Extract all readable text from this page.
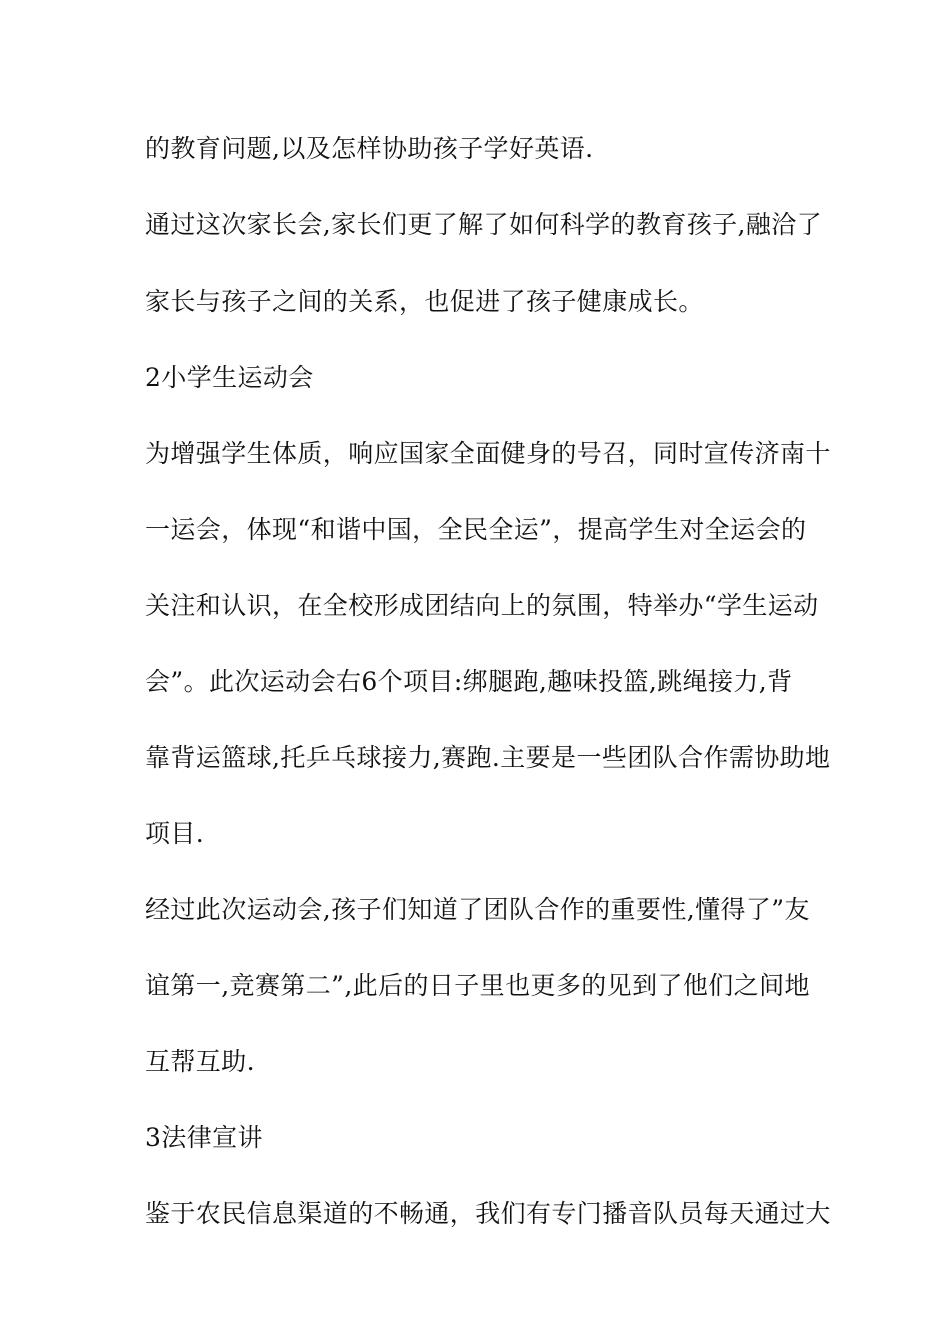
的教育问题,以及怎样协助孩子学好英语.
通过这次家长会,家长们更了解了如何科学的教育孩子,融洽了
家长与孩子之间的关系，也促进了孩子健康成长。
2小学生运动会
为增强学生体质，响应国家全面健身的号召，同时宣传济南十
一运会，体现“和谐中国，全民全运”，提高学生对全运会的
关注和认识，在全校形成团结向上的氛围，特举办“学生运动
会”。此次运动会右6个项目:绑腿跑,趣味投篮,跳绳接力,背
靠背运篮球,托乒乓球接力,赛跑.主要是一些团队合作需协助地
项目.
经过此次运动会,孩子们知道了团队合作的重要性,懂得了”友
谊第一,竞赛第二”,此后的日子里也更多的见到了他们之间地
互帮互助.
3法律宣讲
鉴于农民信息渠道的不畅通，我们有专门播音队员每天通过大
